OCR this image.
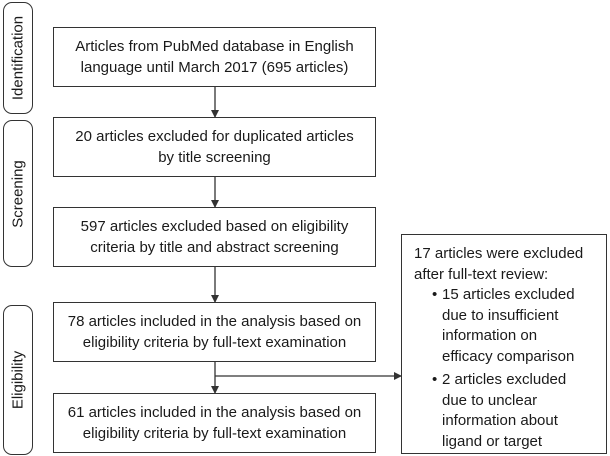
Identification
Screening
Eligibility
Articles from PubMed database in English
language until March 2017 (695 articles)
20 articles excluded for duplicated articles
by title screening
597 articles excluded based on eligibility
criteria by title and abstract screening
78 articles included in the analysis based on
eligibility criteria by full-text examination
61 articles included in the analysis based on
eligibility criteria by full-text examination
17 articles were excluded
after full-text review:
• 15 articles excluded
due to insufficient
information on
efficacy comparison
• 2 articles excluded
due to unclear
information about
ligand or target
